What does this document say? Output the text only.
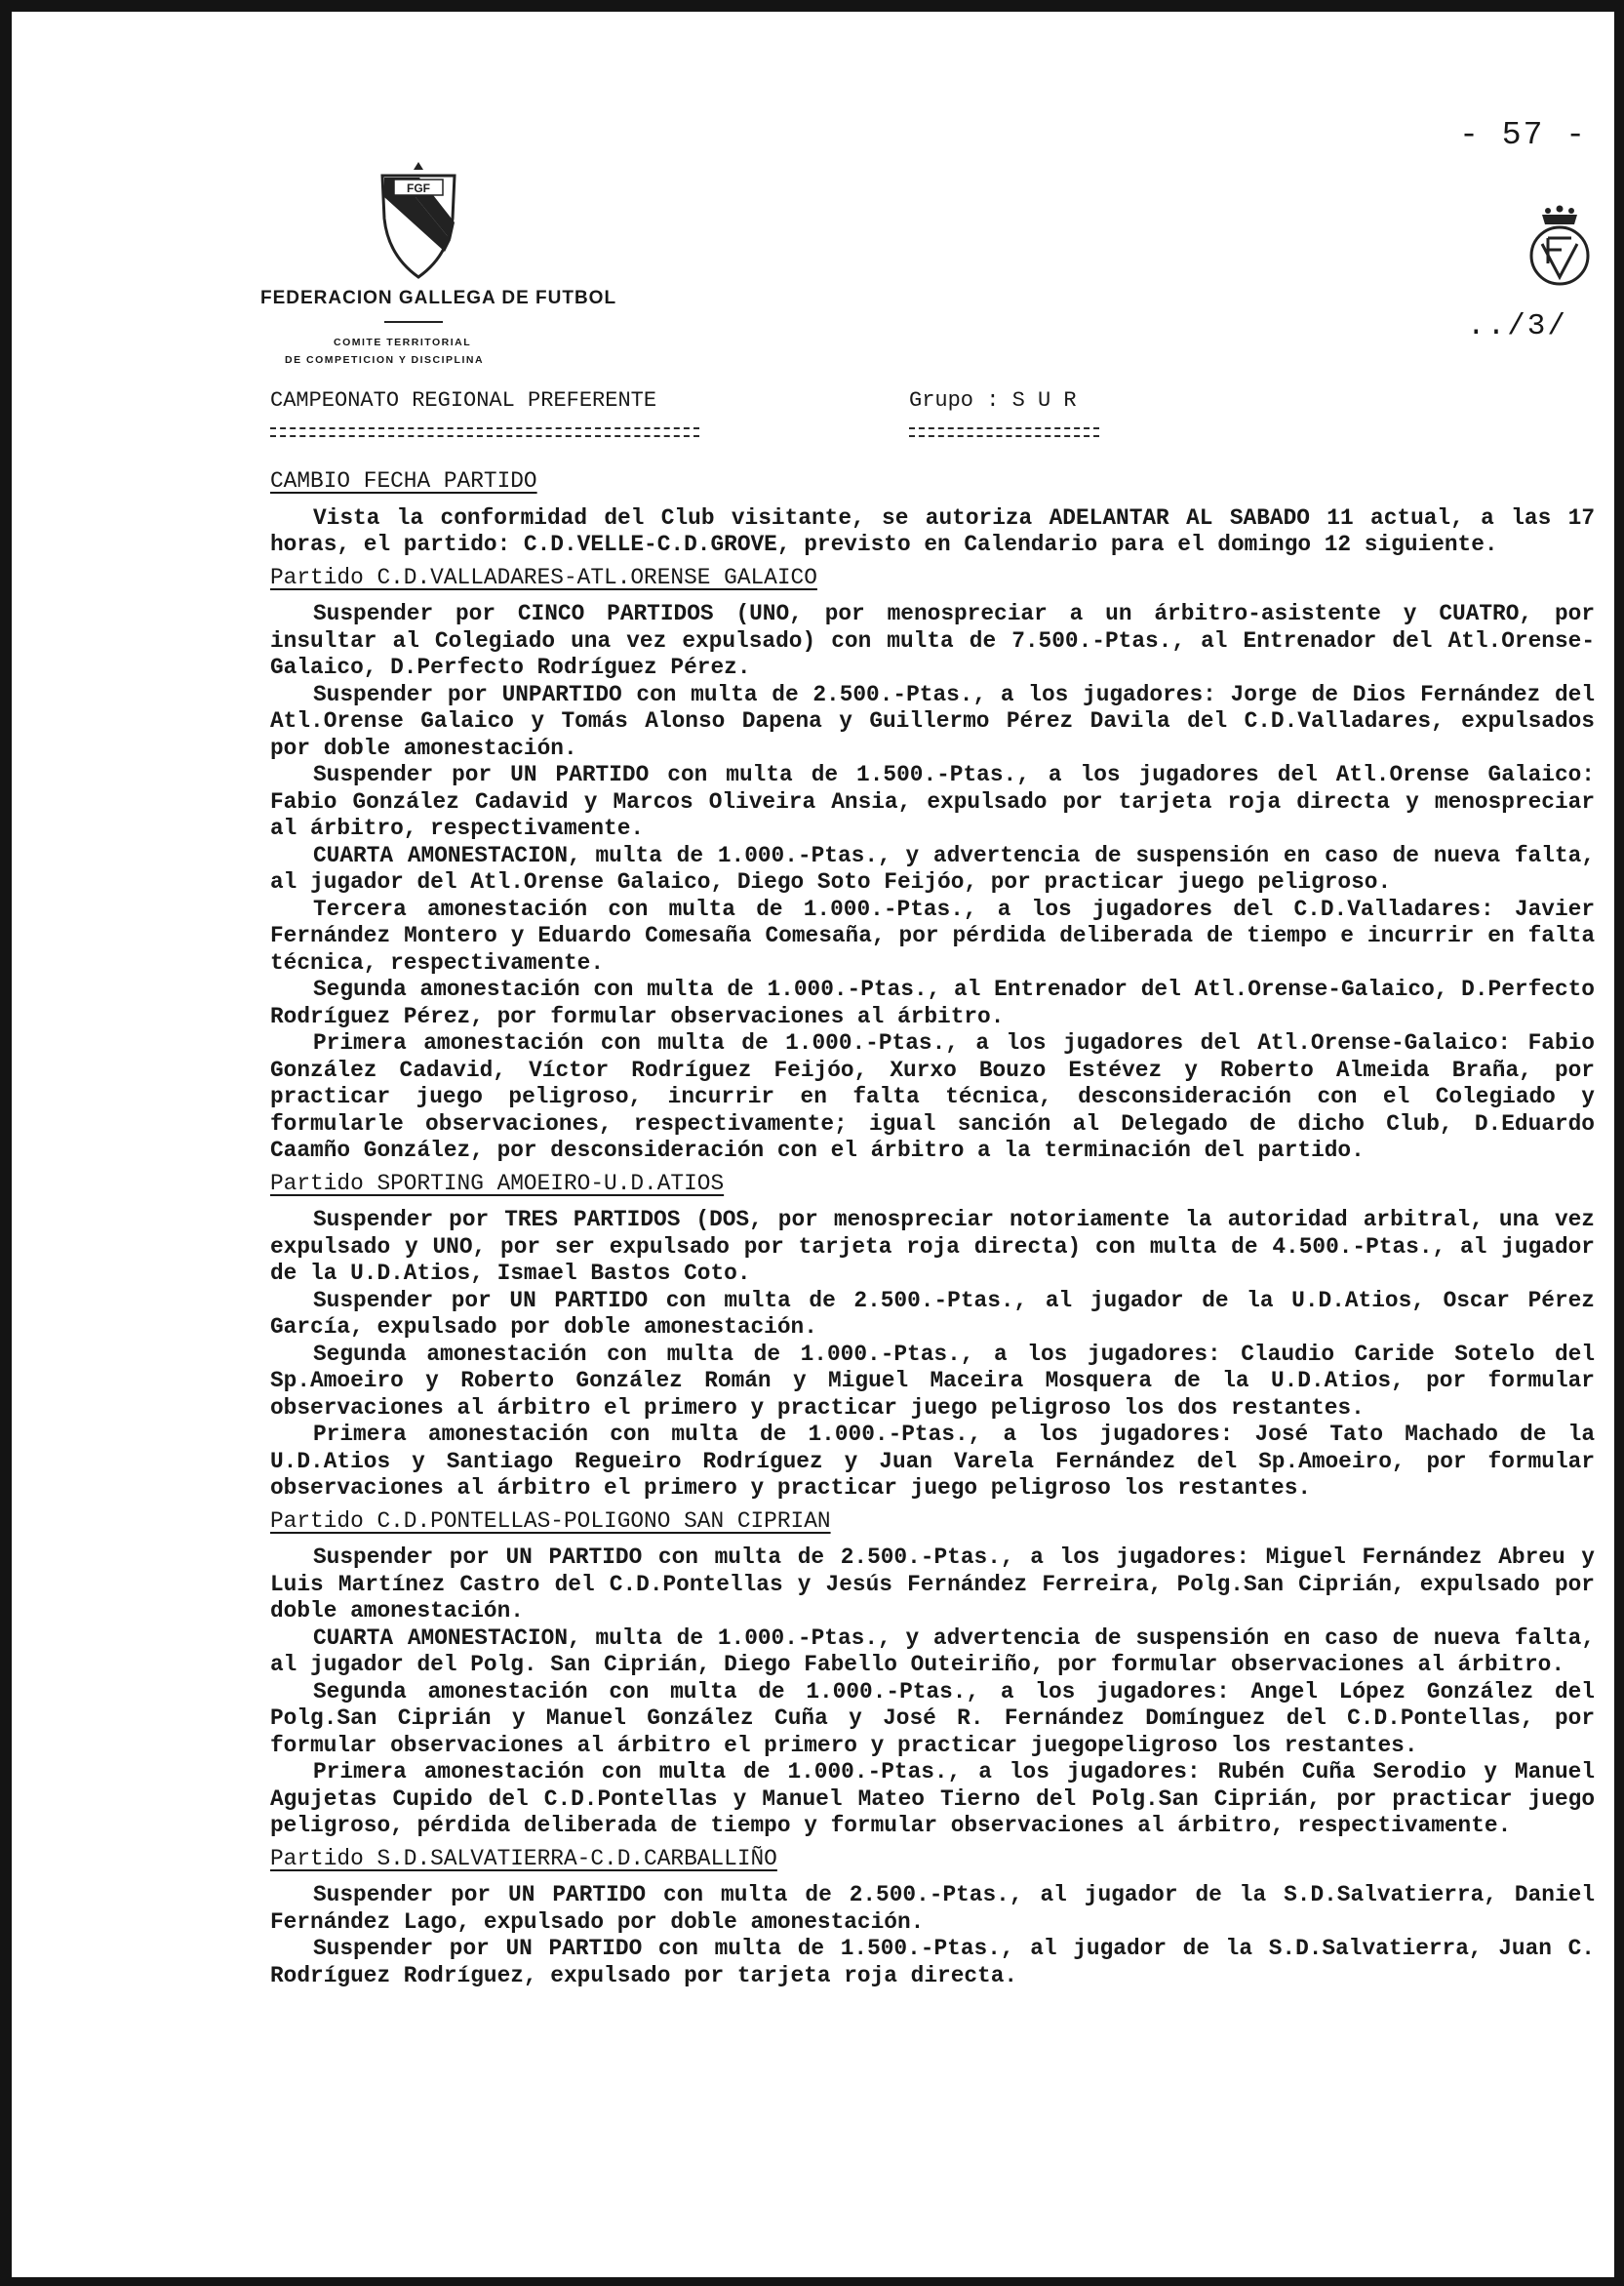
- 57 -
FGF
FEDERACION GALLEGA DE FUTBOL
COMITE TERRITORIAL
DE COMPETICION Y DISCIPLINA
../3/
CAMPEONATO REGIONAL PREFERENTE	Grupo : S U R
CAMBIO FECHA PARTIDO

Vista la conformidad del Club visitante, se autoriza ADELANTAR AL SABADO 11 actual, a las 17 horas, el partido: C.D.VELLE-C.D.GROVE, previsto en Calendario para el domingo 12 siguiente.

Partido C.D.VALLADARES-ATL.ORENSE GALAICO

Suspender por CINCO PARTIDOS (UNO, por menospreciar a un árbitro-asistente y CUATRO, por insultar al Colegiado una vez expulsado) con multa de 7.500.-Ptas., al Entrenador del Atl.Orense-Galaico, D.Perfecto Rodríguez Pérez.

Suspender por UNPARTIDO con multa de 2.500.-Ptas., a los jugadores: Jorge de Dios Fernández del Atl.Orense Galaico y Tomás Alonso Dapena y Guillermo Pérez Davila del C.D.Valladares, expulsados por doble amonestación.

Suspender por UN PARTIDO con multa de 1.500.-Ptas., a los jugadores del Atl.Orense Galaico: Fabio González Cadavid y Marcos Oliveira Ansia, expulsado por tarjeta roja directa y menospreciar al árbitro, respectivamente.

CUARTA AMONESTACION, multa de 1.000.-Ptas., y advertencia de suspensión en caso de nueva falta, al jugador del Atl.Orense Galaico, Diego Soto Feijóo, por practicar juego peligroso.

Tercera amonestación con multa de 1.000.-Ptas., a los jugadores del C.D.Valladares: Javier Fernández Montero y Eduardo Comesaña Comesaña, por pérdida deliberada de tiempo e incurrir en falta técnica, respectivamente.

Segunda amonestación con multa de 1.000.-Ptas., al Entrenador del Atl.Orense-Galaico, D.Perfecto Rodríguez Pérez, por formular observaciones al árbitro.

Primera amonestación con multa de 1.000.-Ptas., a los jugadores del Atl.Orense-Galaico: Fabio González Cadavid, Víctor Rodríguez Feijóo, Xurxo Bouzo Estévez y Roberto Almeida Braña, por practicar juego peligroso, incurrir en falta técnica, desconsideración con el Colegiado y formularle observaciones, respectivamente; igual sanción al Delegado de dicho Club, D.Eduardo Caamño González, por desconsideración con el árbitro a la terminación del partido.

Partido SPORTING AMOEIRO-U.D.ATIOS

Suspender por TRES PARTIDOS (DOS, por menospreciar notoriamente la autoridad arbitral, una vez expulsado y UNO, por ser expulsado por tarjeta roja directa) con multa de 4.500.-Ptas., al jugador de la U.D.Atios, Ismael Bastos Coto.

Suspender por UN PARTIDO con multa de 2.500.-Ptas., al jugador de la U.D.Atios, Oscar Pérez García, expulsado por doble amonestación.

Segunda amonestación con multa de 1.000.-Ptas., a los jugadores: Claudio Caride Sotelo del Sp.Amoeiro y Roberto González Román y Miguel Maceira Mosquera de la U.D.Atios, por formular observaciones al árbitro el primero y practicar juego peligroso los dos restantes.

Primera amonestación con multa de 1.000.-Ptas., a los jugadores: José Tato Machado de la U.D.Atios y Santiago Regueiro Rodríguez y Juan Varela Fernández del Sp.Amoeiro, por formular observaciones al árbitro el primero y practicar juego peligroso los restantes.

Partido C.D.PONTELLAS-POLIGONO SAN CIPRIAN

Suspender por UN PARTIDO con multa de 2.500.-Ptas., a los jugadores: Miguel Fernández Abreu y Luis Martínez Castro del C.D.Pontellas y Jesús Fernández Ferreira, Polg.San Ciprián, expulsado por doble amonestación.

CUARTA AMONESTACION, multa de 1.000.-Ptas., y advertencia de suspensión en caso de nueva falta, al jugador del Polg. San Ciprián, Diego Fabello Outeiriño, por formular observaciones al árbitro.

Segunda amonestación con multa de 1.000.-Ptas., a los jugadores: Angel López González del Polg.San Ciprián y Manuel González Cuña y José R. Fernández Domínguez del C.D.Pontellas, por formular observaciones al árbitro el primero y practicar juegopeligroso los restantes.

Primera amonestación con multa de 1.000.-Ptas., a los jugadores: Rubén Cuña Serodio y Manuel Agujetas Cupido del C.D.Pontellas y Manuel Mateo Tierno del Polg.San Ciprián, por practicar juego peligroso, pérdida deliberada de tiempo y formular observaciones al árbitro, respectivamente.

Partido S.D.SALVATIERRA-C.D.CARBALLIÑO

Suspender por UN PARTIDO con multa de 2.500.-Ptas., al jugador de la S.D.Salvatierra, Daniel Fernández Lago, expulsado por doble amonestación.

Suspender por UN PARTIDO con multa de 1.500.-Ptas., al jugador de la S.D.Salvatierra, Juan C. Rodríguez Rodríguez, expulsado por tarjeta roja directa.
